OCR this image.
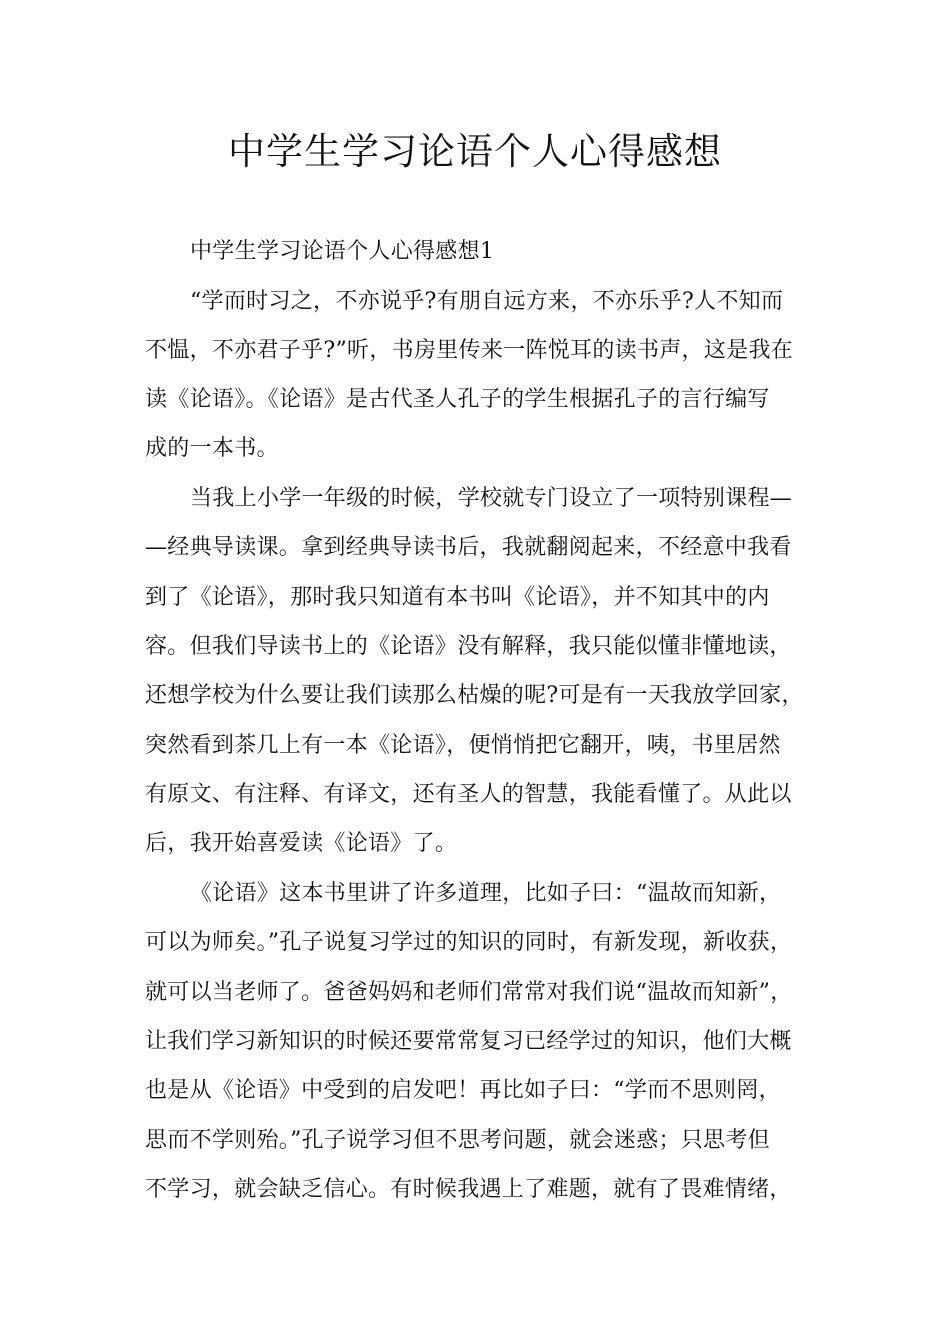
中学生学习论语个人心得感想
中学生学习论语个人心得感想1
“学而时习之，不亦说乎?有朋自远方来，不亦乐乎?人不知而
不愠，不亦君子乎?”听，书房里传来一阵悦耳的读书声，这是我在
读《论语》。《论语》是古代圣人孔子的学生根据孔子的言行编写
成的一本书。
当我上小学一年级的时候，学校就专门设立了一项特别课程—
—经典导读课。拿到经典导读书后，我就翻阅起来，不经意中我看
到了《论语》，那时我只知道有本书叫《论语》，并不知其中的内
容。但我们导读书上的《论语》没有解释，我只能似懂非懂地读，
还想学校为什么要让我们读那么枯燥的呢?可是有一天我放学回家，
突然看到茶几上有一本《论语》，便悄悄把它翻开，咦，书里居然
有原文、有注释、有译文，还有圣人的智慧，我能看懂了。从此以
后，我开始喜爱读《论语》了。
《论语》这本书里讲了许多道理，比如子曰：“温故而知新，
可以为师矣。”孔子说复习学过的知识的同时，有新发现，新收获，
就可以当老师了。爸爸妈妈和老师们常常对我们说“温故而知新”，
让我们学习新知识的时候还要常常复习已经学过的知识，他们大概
也是从《论语》中受到的启发吧！再比如子曰：“学而不思则罔，
思而不学则殆。”孔子说学习但不思考问题，就会迷惑；只思考但
不学习，就会缺乏信心。有时候我遇上了难题，就有了畏难情绪，
